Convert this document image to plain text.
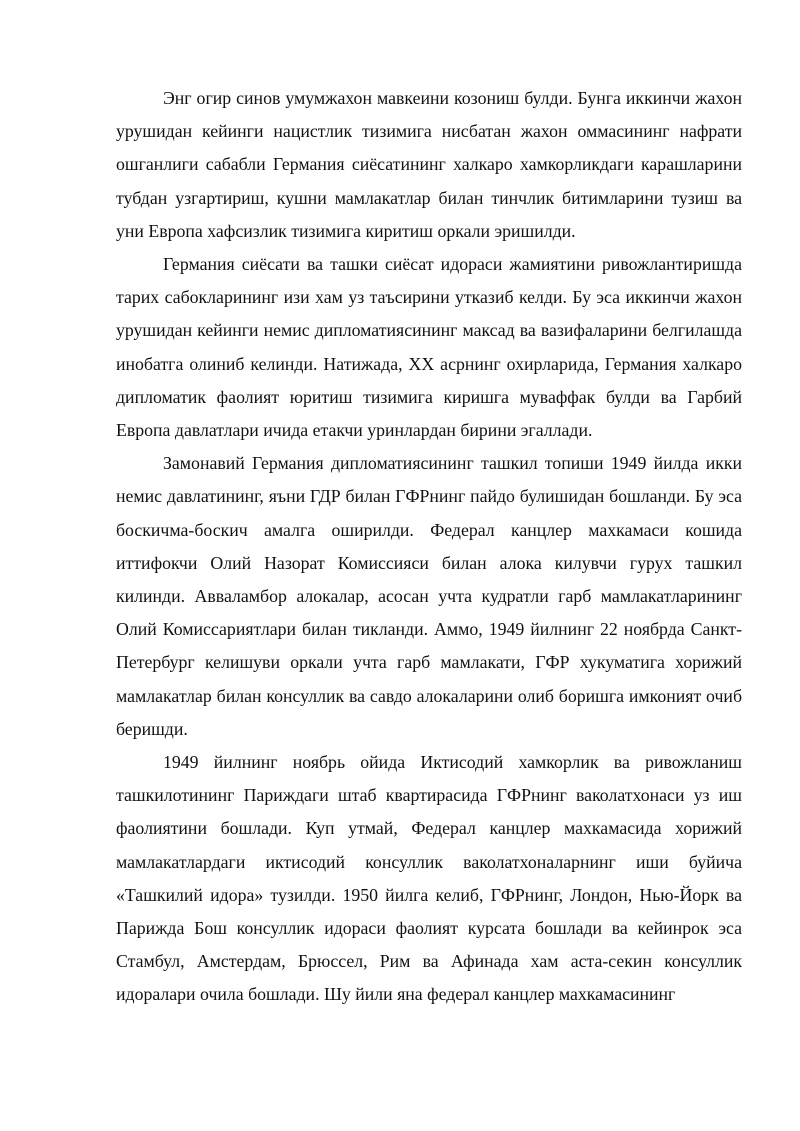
Энг огир синов умумжахон мавкеини козониш булди. Бунга иккинчи жахон урушидан кейинги нацистлик тизимига нисбатан жахон оммасининг нафрати ошганлиги сабабли Германия сиёсатининг халкаро хамкорликдаги карашларини тубдан узгартириш, кушни мамлакатлар билан тинчлик битимларини тузиш ва уни Европа хафсизлик тизимига киритиш оркали эришилди.

Германия сиёсати ва ташки сиёсат идораси жамиятини ривожлантиришда тарих сабокларининг изи хам уз таъсирини утказиб келди. Бу эса иккинчи жахон урушидан кейинги немис дипломатиясининг максад ва вазифаларини белгилашда инобатга олиниб келинди. Натижада, XX асрнинг охирларида, Германия халкаро дипломатик фаолият юритиш тизимига киришга муваффак булди ва Гарбий Европа давлатлари ичида етакчи уринлардан бирини эгаллади.

Замонавий Германия дипломатиясининг ташкил топиши 1949 йилда икки немис давлатининг, яъни ГДР билан ГФРнинг пайдо булишидан бошланди. Бу эса боскичма-боскич амалга оширилди. Федерал канцлер махкамаси кошида иттифокчи Олий Назорат Комиссияси билан алока килувчи гурух ташкил килинди. Авваламбор алокалар, асосан учта кудратли гарб мамлакатларининг Олий Комиссариятлари билан тикланди. Аммо, 1949 йилнинг 22 ноябрда Санкт-Петербург келишуви оркали учта гарб мамлакати, ГФР хукуматига хорижий мамлакатлар билан консуллик ва савдо алокаларини олиб боришга имконият очиб беришди.

1949 йилнинг ноябрь ойида Иктисодий хамкорлик ва ривожланиш ташкилотининг Париждаги штаб квартирасида ГФРнинг ваколатхонаси уз иш фаолиятини бошлади. Куп утмай, Федерал канцлер махкамасида хорижий мамлакатлардаги иктисодий консуллик ваколатхоналарнинг иши буйича «Ташкилий идора» тузилди. 1950 йилга келиб, ГФРнинг, Лондон, Нью-Йорк ва Парижда Бош консуллик идораси фаолият курсата бошлади ва кейинрок эса Стамбул, Амстердам, Брюссел, Рим ва Афинада хам аста-секин консуллик идоралари очила бошлади. Шу йили яна федерал канцлер махкамасининг
